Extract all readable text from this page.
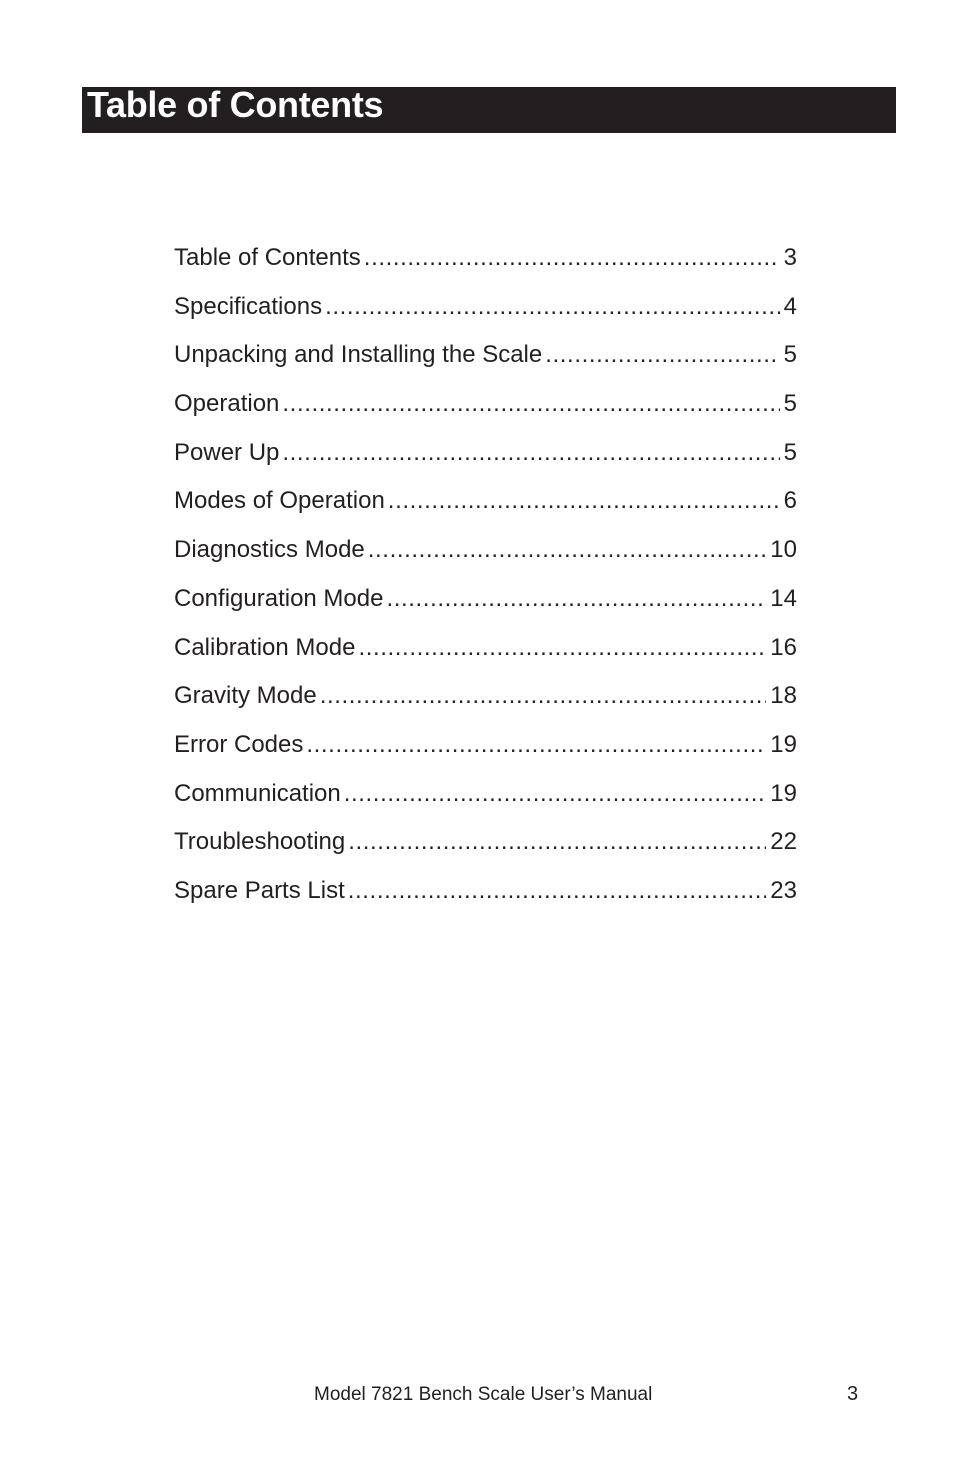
Table of Contents
Table of Contents .....	3
Specifications .....	4
Unpacking and Installing the Scale .....	5
Operation .....	5
Power Up .....	5
Modes of Operation .....	6
Diagnostics Mode .....	10
Configuration Mode .....	14
Calibration Mode .....	16
Gravity Mode .....	18
Error Codes .....	19
Communication .....	19
Troubleshooting .....	22
Spare Parts List .....	23
Model 7821 Bench Scale User’s Manual	3
